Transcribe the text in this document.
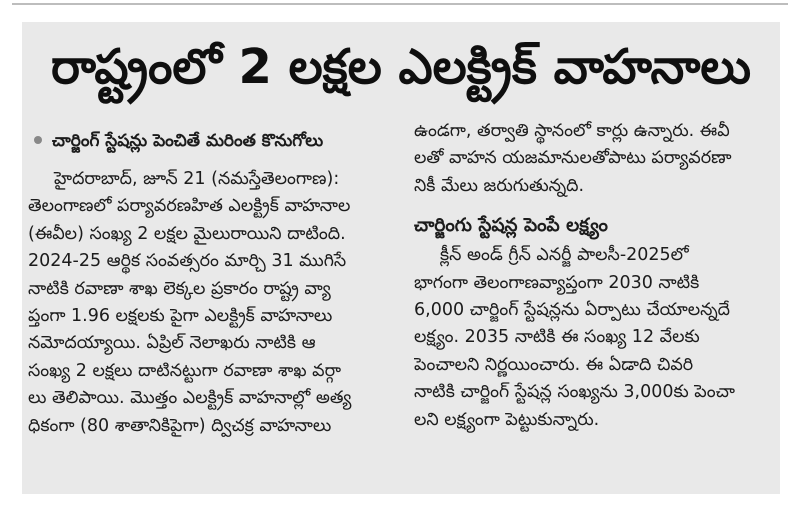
రాష్ట్రంలో 2 లక్షల ఎలక్ట్రిక్ వాహనాలు
చార్జింగ్ స్టేషన్లు పెంచితే మరింత కొనుగోలు

హైదరాబాద్, జూన్ 21 (నమస్తేతెలంగాణ):

తెలంగాణలో పర్యావరణహిత ఎలక్ట్రిక్ వాహనాల

(ఈవీల) సంఖ్య 2 లక్షల మైలురాయిని దాటింది.

2024-25 ఆర్థిక సంవత్సరం మార్చి 31 ముగిసే

నాటికి రవాణా శాఖ లెక్కల ప్రకారం రాష్ట్ర వ్యా

ప్తంగా 1.96 లక్షలకు పైగా ఎలక్ట్రిక్ వాహనాలు

నమోదయ్యాయి. ఏప్రిల్ నెలాఖరు నాటికి ఆ

సంఖ్య 2 లక్షలు దాటినట్టుగా రవాణా శాఖ వర్గా

లు తెలిపాయి. మొత్తం ఎలక్ట్రిక్ వాహనాల్లో అత్య

ధికంగా (80 శాతానికిపైగా) ద్విచక్ర వాహనాలు

ఉండగా, తర్వాతి స్థానంలో కార్లు ఉన్నారు. ఈవీ

లతో వాహన యజమానులతోపాటు పర్యావరణా

నికీ మేలు జరుగుతున్నది.

చార్జింగు స్టేషన్ల పెంపే లక్ష్యం

క్లీన్ అండ్ గ్రీన్ ఎనర్జీ పాలసీ-2025లో

భాగంగా తెలంగాణవ్యాప్తంగా 2030 నాటికి

6,000 చార్జింగ్ స్టేషన్లను ఏర్పాటు చేయాలన్నదే

లక్ష్యం. 2035 నాటికి ఈ సంఖ్య 12 వేలకు

పెంచాలని నిర్ణయించారు. ఈ ఏడాది చివరి

నాటికి చార్జింగ్ స్టేషన్ల సంఖ్యను 3,000కు పెంచా

లని లక్ష్యంగా పెట్టుకున్నారు.
